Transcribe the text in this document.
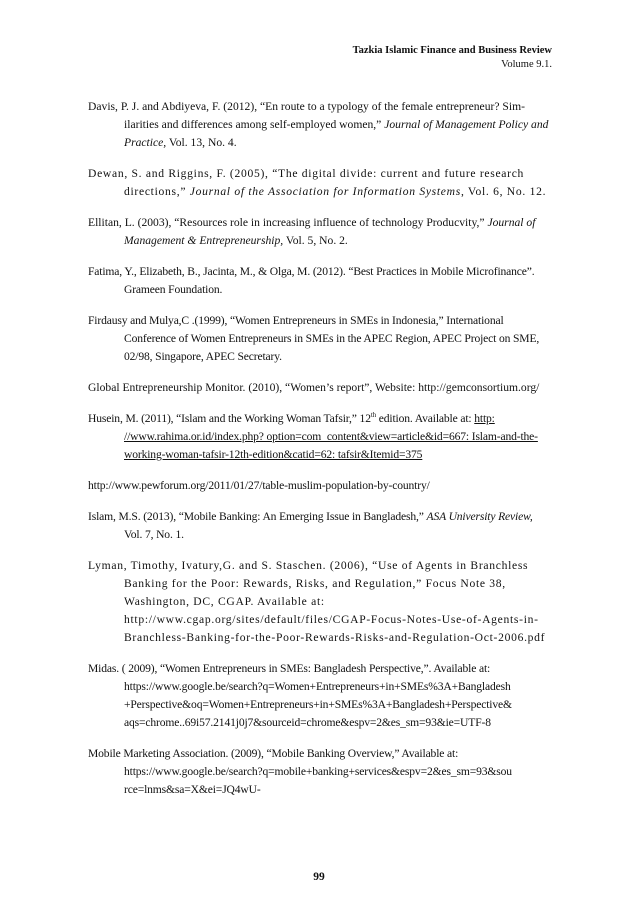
Tazkia Islamic Finance and Business Review
Volume 9.1.

Davis, P. J. and Abdiyeva, F. (2012), “En route to a typology of the female entrepreneur? Sim-ilarities and differences among self-employed women,” Journal of Management Policy and Practice, Vol. 13, No. 4.

Dewan, S. and Riggins, F. (2005), “The digital divide: current and future research directions,” Journal of the Association for Information Systems, Vol. 6, No. 12.

Ellitan, L. (2003), “Resources role in increasing influence of technology Producvity,” Journal of Management & Entrepreneurship, Vol. 5, No. 2.

Fatima, Y., Elizabeth, B., Jacinta, M., & Olga, M. (2012). “Best Practices in Mobile Microfinance”. Grameen Foundation.

Firdausy and Mulya,C .(1999), “Women Entrepreneurs in SMEs in Indonesia,” International Conference of Women Entrepreneurs in SMEs in the APEC Region, APEC Project on SME, 02/98, Singapore, APEC Secretary.

Global Entrepreneurship Monitor. (2010), “Women’s report”, Website: http://gemconsortium.org/

Husein, M. (2011), “Islam and the Working Woman Tafsir,” 12th edition. Available at: http: //www.rahima.or.id/index.php? option=com_content&view=article&id=667: Islam-and-the-working-woman-tafsir-12th-edition&catid=62: tafsir&Itemid=375

http://www.pewforum.org/2011/01/27/table-muslim-population-by-country/

Islam, M.S. (2013), “Mobile Banking: An Emerging Issue in Bangladesh,” ASA University Review, Vol. 7, No. 1.

Lyman, Timothy, Ivatury,G. and S. Staschen. (2006), “Use of Agents in Branchless Banking for the Poor: Rewards, Risks, and Regulation,” Focus Note 38, Washington, DC, CGAP. Available at: http://www.cgap.org/sites/default/files/CGAP-Focus-Notes-Use-of-Agents-in-Branchless-Banking-for-the-Poor-Rewards-Risks-and-Regulation-Oct-2006.pdf

Midas. ( 2009), “Women Entrepreneurs in SMEs: Bangladesh Perspective,”. Available at: https://www.google.be/search?q=Women+Entrepreneurs+in+SMEs%3A+Bangladesh +Perspective&oq=Women+Entrepreneurs+in+SMEs%3A+Bangladesh+Perspective& aqs=chrome..69i57.2141j0j7&sourceid=chrome&espv=2&es_sm=93&ie=UTF-8

Mobile Marketing Association. (2009), “Mobile Banking Overview,” Available at: https://www.google.be/search?q=mobile+banking+services&espv=2&es_sm=93&sou rce=lnms&sa=X&ei=JQ4wU-

99
